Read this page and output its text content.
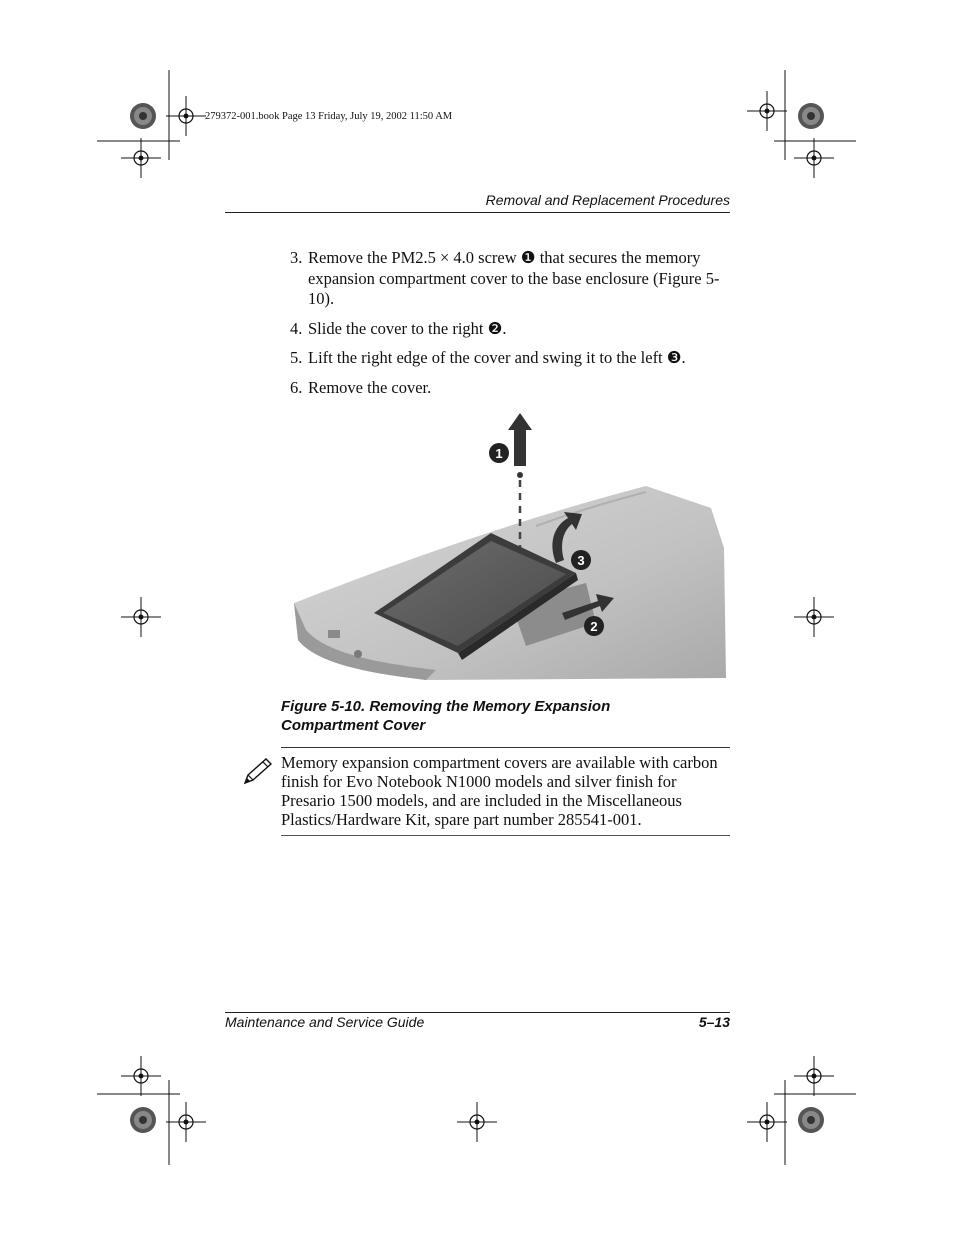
279372-001.book Page 13 Friday, July 19, 2002 11:50 AM
Removal and Replacement Procedures
3. Remove the PM2.5 × 4.0 screw ❶ that secures the memory expansion compartment cover to the base enclosure (Figure 5-10).
4. Slide the cover to the right ❷.
5. Lift the right edge of the cover and swing it to the left ❸.
6. Remove the cover.
1
2
3
Figure 5-10. Removing the Memory Expansion
Compartment Cover
Memory expansion compartment covers are available with carbon finish for Evo Notebook N1000 models and silver finish for Presario 1500 models, and are included in the Miscellaneous Plastics/Hardware Kit, spare part number 285541-001.
Maintenance and Service Guide	5–13
